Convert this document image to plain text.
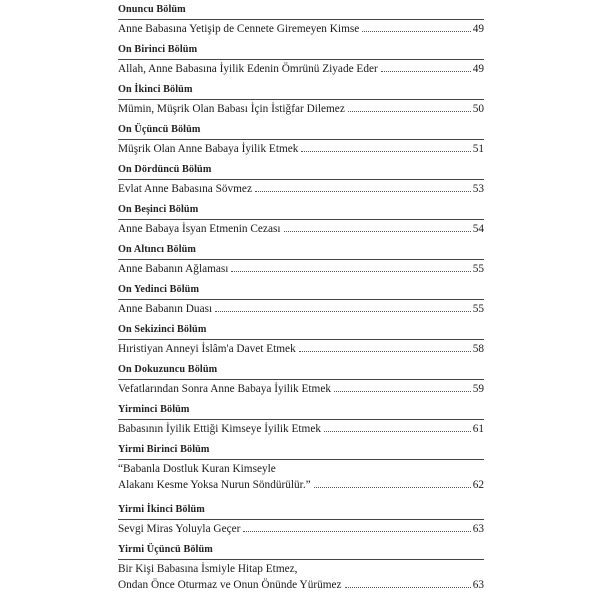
Onuncu Bölüm
Anne Babasına Yetişip de Cennete Giremeyen Kimse	49
On Birinci Bölüm
Allah, Anne Babasına İyilik Edenin Ömrünü Ziyade Eder	49
On İkinci Bölüm
Mümin, Müşrik Olan Babası İçin İstiğfar Dilemez	50
On Üçüncü Bölüm
Müşrik Olan Anne Babaya İyilik Etmek	51
On Dördüncü Bölüm
Evlat Anne Babasına Sövmez	53
On Beşinci Bölüm
Anne Babaya İsyan Etmenin Cezası	54
On Altıncı Bölüm
Anne Babanın Ağlaması	55
On Yedinci Bölüm
Anne Babanın Duası	55
On Sekizinci Bölüm
Hıristiyan Anneyi İslâm'a Davet Etmek	58
On Dokuzuncu Bölüm
Vefatlarından Sonra Anne Babaya İyilik Etmek	59
Yirminci Bölüm
Babasının İyilik Ettiği Kimseye İyilik Etmek	61
Yirmi Birinci Bölüm
“Babanla Dostluk Kuran Kimseyle
Alakanı Kesme Yoksa Nurun Söndürülür.”	62
Yirmi İkinci Bölüm
Sevgi Miras Yoluyla Geçer	63
Yirmi Üçüncü Bölüm
Bir Kişi Babasına İsmiyle Hitap Etmez,
Ondan Önce Oturmaz ve Onun Önünde Yürümez	63
